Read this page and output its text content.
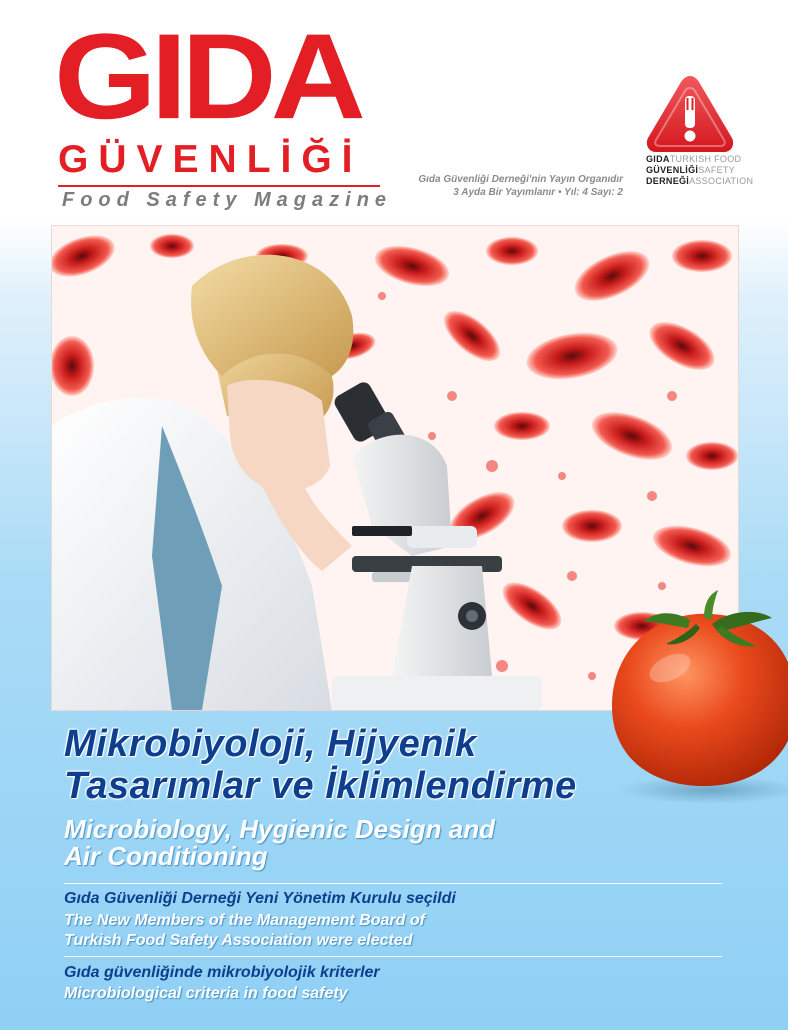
GIDA
GÜVENLİĞİ
Food Safety Magazine
Gıda Güvenliği Derneği'nin Yayın Organıdır
3 Ayda Bir Yayımlanır • Yıl: 4 Sayı: 2
GIDATURKISH FOOD
GÜVENLİĞİSAFETY
DERNEĞİASSOCIATION
Mikrobiyoloji, Hijyenik
Tasarımlar ve İklimlendirme
Microbiology, Hygienic Design and
Air Conditioning
Gıda Güvenliği Derneği Yeni Yönetim Kurulu seçildi
The New Members of the Management Board of
Turkish Food Safety Association were elected
Gıda güvenliğinde mikrobiyolojik kriterler
Microbiological criteria in food safety
